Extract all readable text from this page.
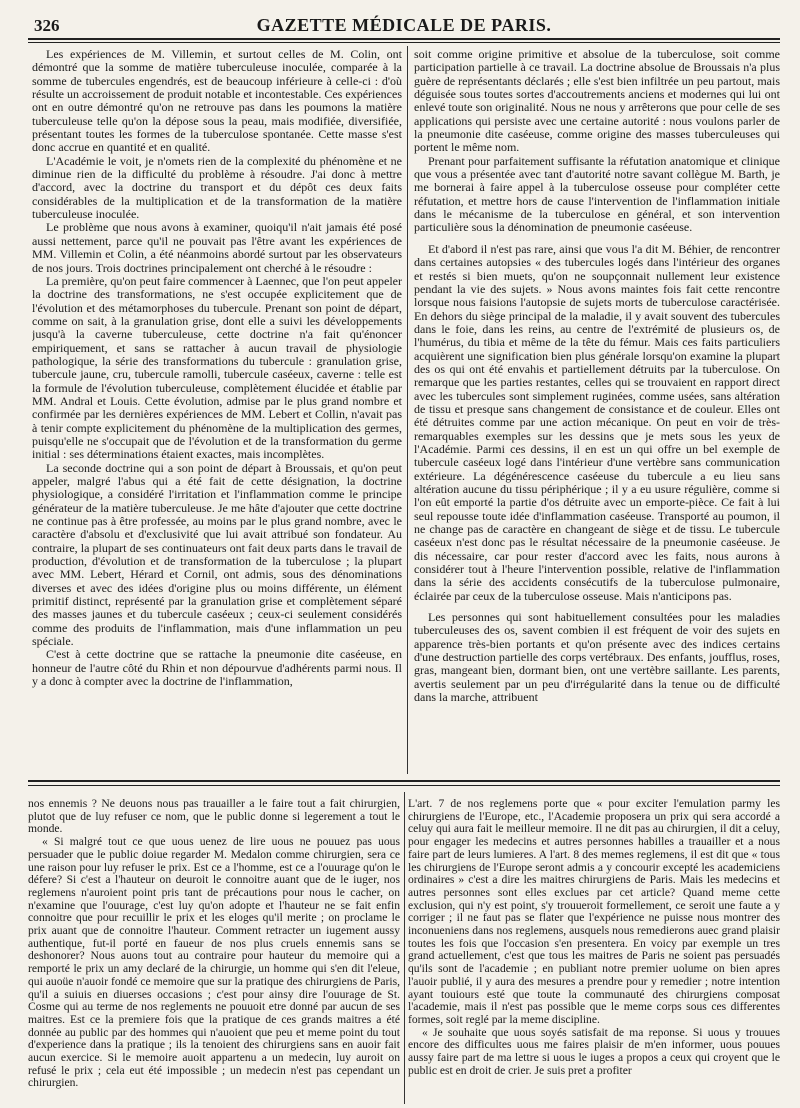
326	GAZETTE MÉDICALE DE PARIS.

Les expériences de M. Villemin, et surtout celles de M. Colin, ont démontré que la somme de matière tuberculeuse inoculée, comparée à la somme de tubercules engendrés, est de beaucoup inférieure à celle-ci : d'où résulte un accroissement de produit notable et incontestable. Ces expériences ont en outre démontré qu'on ne retrouve pas dans les poumons la matière tuberculeuse telle qu'on la dépose sous la peau, mais modifiée, diversifiée, présentant toutes les formes de la tuberculose spontanée. Cette masse s'est donc accrue en quantité et en qualité.

L'Académie le voit, je n'omets rien de la complexité du phénomène et ne diminue rien de la difficulté du problème à résoudre. J'ai donc à mettre d'accord, avec la doctrine du transport et du dépôt ces deux faits considérables de la multiplication et de la transformation de la matière tuberculeuse inoculée.

Le problème que nous avons à examiner, quoiqu'il n'ait jamais été posé aussi nettement, parce qu'il ne pouvait pas l'être avant les expériences de MM. Villemin et Colin, a été néanmoins abordé surtout par les observateurs de nos jours. Trois doctrines principalement ont cherché à le résoudre :

La première, qu'on peut faire commencer à Laennec, que l'on peut appeler la doctrine des transformations, ne s'est occupée explicitement que de l'évolution et des métamorphoses du tubercule. Prenant son point de départ, comme on sait, à la granulation grise, dont elle a suivi les développements jusqu'à la caverne tuberculeuse, cette doctrine n'a fait qu'énoncer empiriquement, et sans se rattacher à aucun travail de physiologie pathologique, la série des transformations du tubercule : granulation grise, tubercule jaune, cru, tubercule ramolli, tubercule caséeux, caverne : telle est la formule de l'évolution tuberculeuse, complètement élucidée et établie par MM. Andral et Louis. Cette évolution, admise par le plus grand nombre et confirmée par les dernières expériences de MM. Lebert et Collin, n'avait pas à tenir compte explicitement du phénomène de la multiplication des germes, puisqu'elle ne s'occupait que de l'évolution et de la transformation du germe initial : ses déterminations étaient exactes, mais incomplètes.

La seconde doctrine qui a son point de départ à Broussais, et qu'on peut appeler, malgré l'abus qui a été fait de cette désignation, la doctrine physiologique, a considéré l'irritation et l'inflammation comme le principe générateur de la matière tuberculeuse. Je me hâte d'ajouter que cette doctrine ne continue pas à être professée, au moins par le plus grand nombre, avec le caractère d'absolu et d'exclusivité que lui avait attribué son fondateur. Au contraire, la plupart de ses continuateurs ont fait deux parts dans le travail de production, d'évolution et de transformation de la tuberculose ; la plupart avec MM. Lebert, Hérard et Cornil, ont admis, sous des dénominations diverses et avec des idées d'origine plus ou moins différente, un élément primitif distinct, représenté par la granulation grise et complètement séparé des masses jaunes et du tubercule caséeux ; ceux-ci seulement considérés comme des produits de l'inflammation, mais d'une inflammation un peu spéciale.

C'est à cette doctrine que se rattache la pneumonie dite caséeuse, en honneur de l'autre côté du Rhin et non dépourvue d'adhérents parmi nous. Il y a donc à compter avec la doctrine de l'inflammation,

soit comme origine primitive et absolue de la tuberculose, soit comme participation partielle à ce travail. La doctrine absolue de Broussais n'a plus guère de représentants déclarés ; elle s'est bien infiltrée un peu partout, mais déguisée sous toutes sortes d'accoutrements anciens et modernes qui lui ont enlevé toute son originalité. Nous ne nous y arrêterons que pour celle de ses applications qui persiste avec une certaine autorité : nous voulons parler de la pneumonie dite caséeuse, comme origine des masses tuberculeuses qui portent le même nom.

Prenant pour parfaitement suffisante la réfutation anatomique et clinique que vous a présentée avec tant d'autorité notre savant collègue M. Barth, je me bornerai à faire appel à la tuberculose osseuse pour compléter cette réfutation, et mettre hors de cause l'intervention de l'inflammation initiale dans le mécanisme de la tuberculose en général, et son intervention particulière sous la dénomination de pneumonie caséeuse.

Et d'abord il n'est pas rare, ainsi que vous l'a dit M. Béhier, de rencontrer dans certaines autopsies « des tubercules logés dans l'intérieur des organes et restés si bien muets, qu'on ne soupçonnait nullement leur existence pendant la vie des sujets. » Nous avons maintes fois fait cette rencontre lorsque nous faisions l'autopsie de sujets morts de tuberculose caractérisée. En dehors du siège principal de la maladie, il y avait souvent des tubercules dans le foie, dans les reins, au centre de l'extrémité de plusieurs os, de l'humérus, du tibia et même de la tête du fémur. Mais ces faits particuliers acquièrent une signification bien plus générale lorsqu'on examine la plupart des os qui ont été envahis et partiellement détruits par la tuberculose. On remarque que les parties restantes, celles qui se trouvaient en rapport direct avec les tubercules sont simplement ruginées, comme usées, sans altération de tissu et presque sans changement de consistance et de couleur. Elles ont été détruites comme par une action mécanique. On peut en voir de très-remarquables exemples sur les dessins que je mets sous les yeux de l'Académie. Parmi ces dessins, il en est un qui offre un bel exemple de tubercule caséeux logé dans l'intérieur d'une vertèbre sans communication extérieure. La dégénérescence caséeuse du tubercule a eu lieu sans altération aucune du tissu périphérique ; il y a eu usure régulière, comme si l'on eût emporté la partie d'os détruite avec un emporte-pièce. Ce fait à lui seul repousse toute idée d'inflammation caséeuse. Transporté au poumon, il ne change pas de caractère en changeant de siège et de tissu. Le tubercule caséeux n'est donc pas le résultat nécessaire de la pneumonie caséeuse. Je dis nécessaire, car pour rester d'accord avec les faits, nous aurons à considérer tout à l'heure l'intervention possible, relative de l'inflammation dans la série des accidents consécutifs de la tuberculose pulmonaire, éclairée par ceux de la tuberculose osseuse. Mais n'anticipons pas.

Les personnes qui sont habituellement consultées pour les maladies tuberculeuses des os, savent combien il est fréquent de voir des sujets en apparence très-bien portants et qu'on présente avec des indices certains d'une destruction partielle des corps vertébraux. Des enfants, joufflus, roses, gras, mangeant bien, dormant bien, ont une vertèbre saillante. Les parents, avertis seulement par un peu d'irrégularité dans la tenue ou de difficulté dans la marche, attribuent

nos ennemis ? Ne deuons nous pas trauailler a le faire tout a fait chirurgien, plutot que de luy refuser ce nom, que le public donne si legerement a tout le monde.

« Si malgré tout ce que uous uenez de lire uous ne pouuez pas uous persuader que le public doiue regarder M. Medalon comme chirurgien, sera ce une raison pour luy refuser le prix. Est ce a l'homme, est ce a l'ouurage qu'on le défere? Si c'est a l'hauteur on deuroit le connoitre auant que de le iuger, nos reglemens n'auroient point pris tant de précautions pour nous le cacher, on n'examine que l'ouurage, c'est luy qu'on adopte et l'hauteur ne se fait enfin connoitre que pour recuillir le prix et les eloges qu'il merite ; on proclame le prix auant que de connoitre l'hauteur. Comment retracter un iugement aussy authentique, fut-il porté en faueur de nos plus cruels ennemis sans se deshonorer? Nous auons tout au contraire pour hauteur du memoire qui a remporté le prix un amy declaré de la chirurgie, un homme qui s'en dit l'eleue, qui auoüe n'auoir fondé ce memoire que sur la pratique des chirurgiens de Paris, qu'il a suiuis en diuerses occasions ; c'est pour ainsy dire l'ouurage de St. Cosme qui au terme de nos reglements ne pouuoit etre donné par aucun de ses maitres. Est ce la premiere fois que la pratique de ces grands maitres a été donnée au public par des hommes qui n'auoient que peu et meme point du tout d'experience dans la pratique ; ils la tenoient des chirurgiens sans en auoir fait aucun exercice. Si le memoire auoit appartenu a un medecin, luy auroit on refusé le prix ; cela eut été impossible ; un medecin n'est pas cependant un chirurgien.

L'art. 7 de nos reglemens porte que « pour exciter l'emulation parmy les chirurgiens de l'Europe, etc., l'Academie proposera un prix qui sera accordé a celuy qui aura fait le meilleur memoire. Il ne dit pas au chirurgien, il dit a celuy, pour engager les medecins et autres personnes habilles a trauailler et a nous faire part de leurs lumieres. A l'art. 8 des memes reglemens, il est dit que « tous les chirurgiens de l'Europe seront admis a y concourir excepté les academiciens ordinaires » c'est a dire les maitres chirurgiens de Paris. Mais les medecins et autres personnes sont elles exclues par cet article? Quand meme cette exclusion, qui n'y est point, s'y trouueroit formellement, ce seroit une faute a y corriger ; il ne faut pas se flater que l'expérience ne puisse nous montrer des inconueniens dans nos reglemens, ausquels nous remedierons auec grand plaisir toutes les fois que l'occasion s'en presentera. En voicy par exemple un tres grand actuellement, c'est que tous les maitres de Paris ne soient pas persuadés qu'ils sont de l'academie ; en publiant notre premier uolume on bien apres l'auoir publié, il y aura des mesures a prendre pour y remedier ; notre intention ayant touiours esté que toute la communauté des chirurgiens composat l'academie, mais il n'est pas possible que le meme corps sous ces differentes formes, soit reglé par la meme discipline.

« Je souhaite que uous soyés satisfait de ma reponse. Si uous y trouues encore des difficultes uous me faires plaisir de m'en informer, uous pouues aussy faire part de ma lettre si uous le iuges a propos a ceux qui croyent que le public est en droit de crier. Je suis pret a profiter
